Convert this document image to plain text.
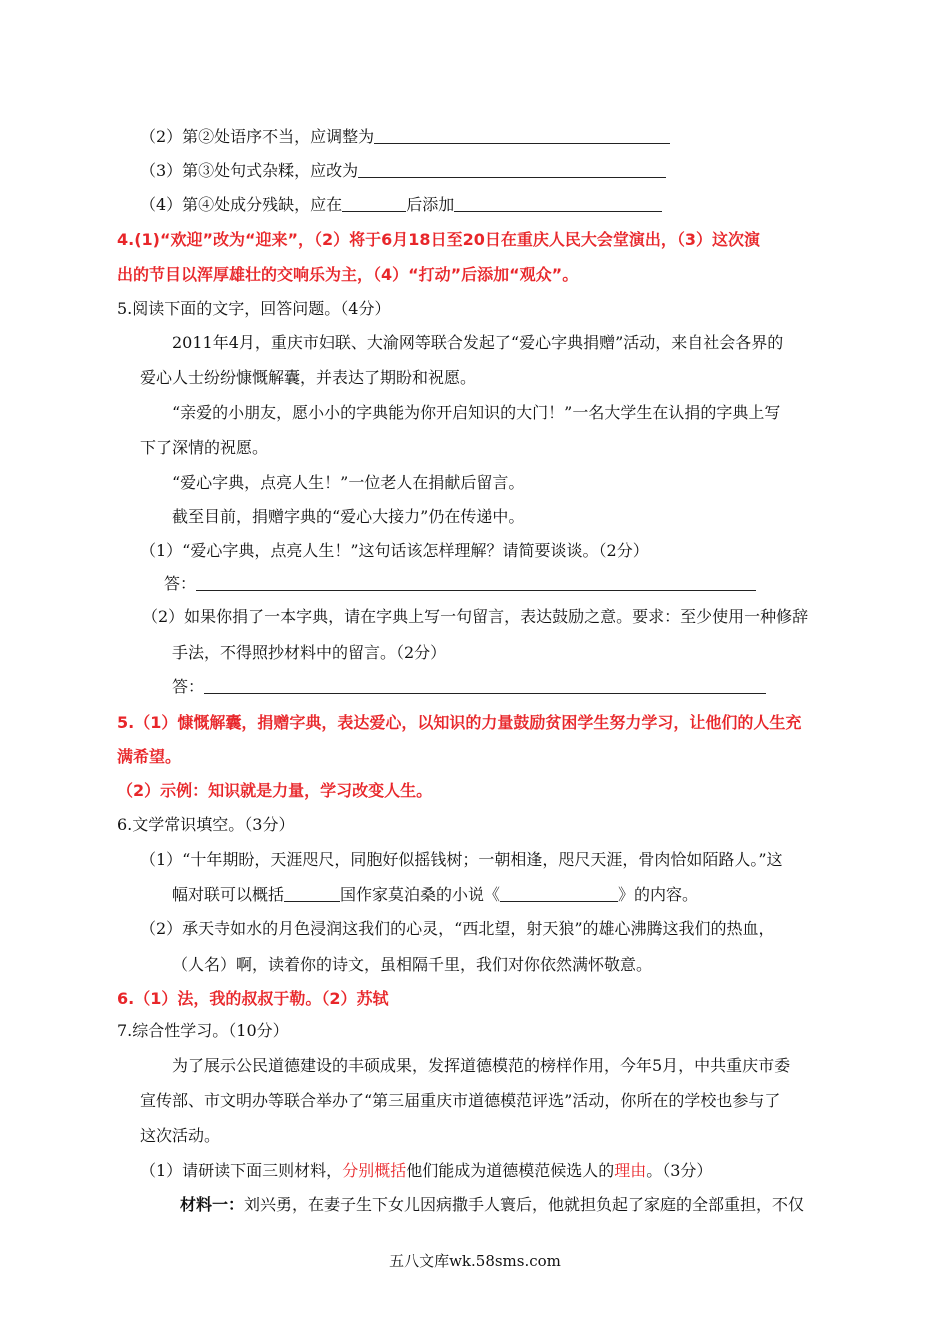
（2）第②处语序不当，应调整为
（3）第③处句式杂糅，应改为
（4）第④处成分残缺，应在	后添加
4.(1)“欢迎”改为“迎来”，（2）将于6月18日至20日在重庆人民大会堂演出，（3）这次演
出的节目以浑厚雄壮的交响乐为主，（4）“打动”后添加“观众”。
5.阅读下面的文字，回答问题。（4分）
2011年4月，重庆市妇联、大渝网等联合发起了“爱心字典捐赠”活动，来自社会各界的
爱心人士纷纷慷慨解囊，并表达了期盼和祝愿。
“亲爱的小朋友，愿小小的字典能为你开启知识的大门！”一名大学生在认捐的字典上写
下了深情的祝愿。
“爱心字典，点亮人生！”一位老人在捐献后留言。
截至目前，捐赠字典的“爱心大接力”仍在传递中。
（1）“爱心字典，点亮人生！”这句话该怎样理解？请简要谈谈。（2分）
答：
（2）如果你捐了一本字典，请在字典上写一句留言，表达鼓励之意。要求：至少使用一种修辞
手法，不得照抄材料中的留言。（2分）
答：
5.（1）慷慨解囊，捐赠字典，表达爱心，以知识的力量鼓励贫困学生努力学习，让他们的人生充
满希望。
（2）示例：知识就是力量，学习改变人生。
6.文学常识填空。（3分）
（1）“十年期盼，天涯咫尺，同胞好似摇钱树；一朝相逢，咫尺天涯，骨肉恰如陌路人。”这
幅对联可以概括	国作家莫泊桑的小说《	》的内容。
（2）承天寺如水的月色浸润这我们的心灵，“西北望，射天狼”的雄心沸腾这我们的热血，
（人名）啊，读着你的诗文，虽相隔千里，我们对你依然满怀敬意。
6.（1）法，我的叔叔于勒。（2）苏轼
7.综合性学习。（10分）
为了展示公民道德建设的丰硕成果，发挥道德模范的榜样作用，今年5月，中共重庆市委
宣传部、市文明办等联合举办了“第三届重庆市道德模范评选”活动，你所在的学校也参与了
这次活动。
（1）请研读下面三则材料，分别概括他们能成为道德模范候选人的理由。（3分）
材料一：刘兴勇，在妻子生下女儿因病撒手人寰后，他就担负起了家庭的全部重担，不仅
五八文库wk.58sms.com
